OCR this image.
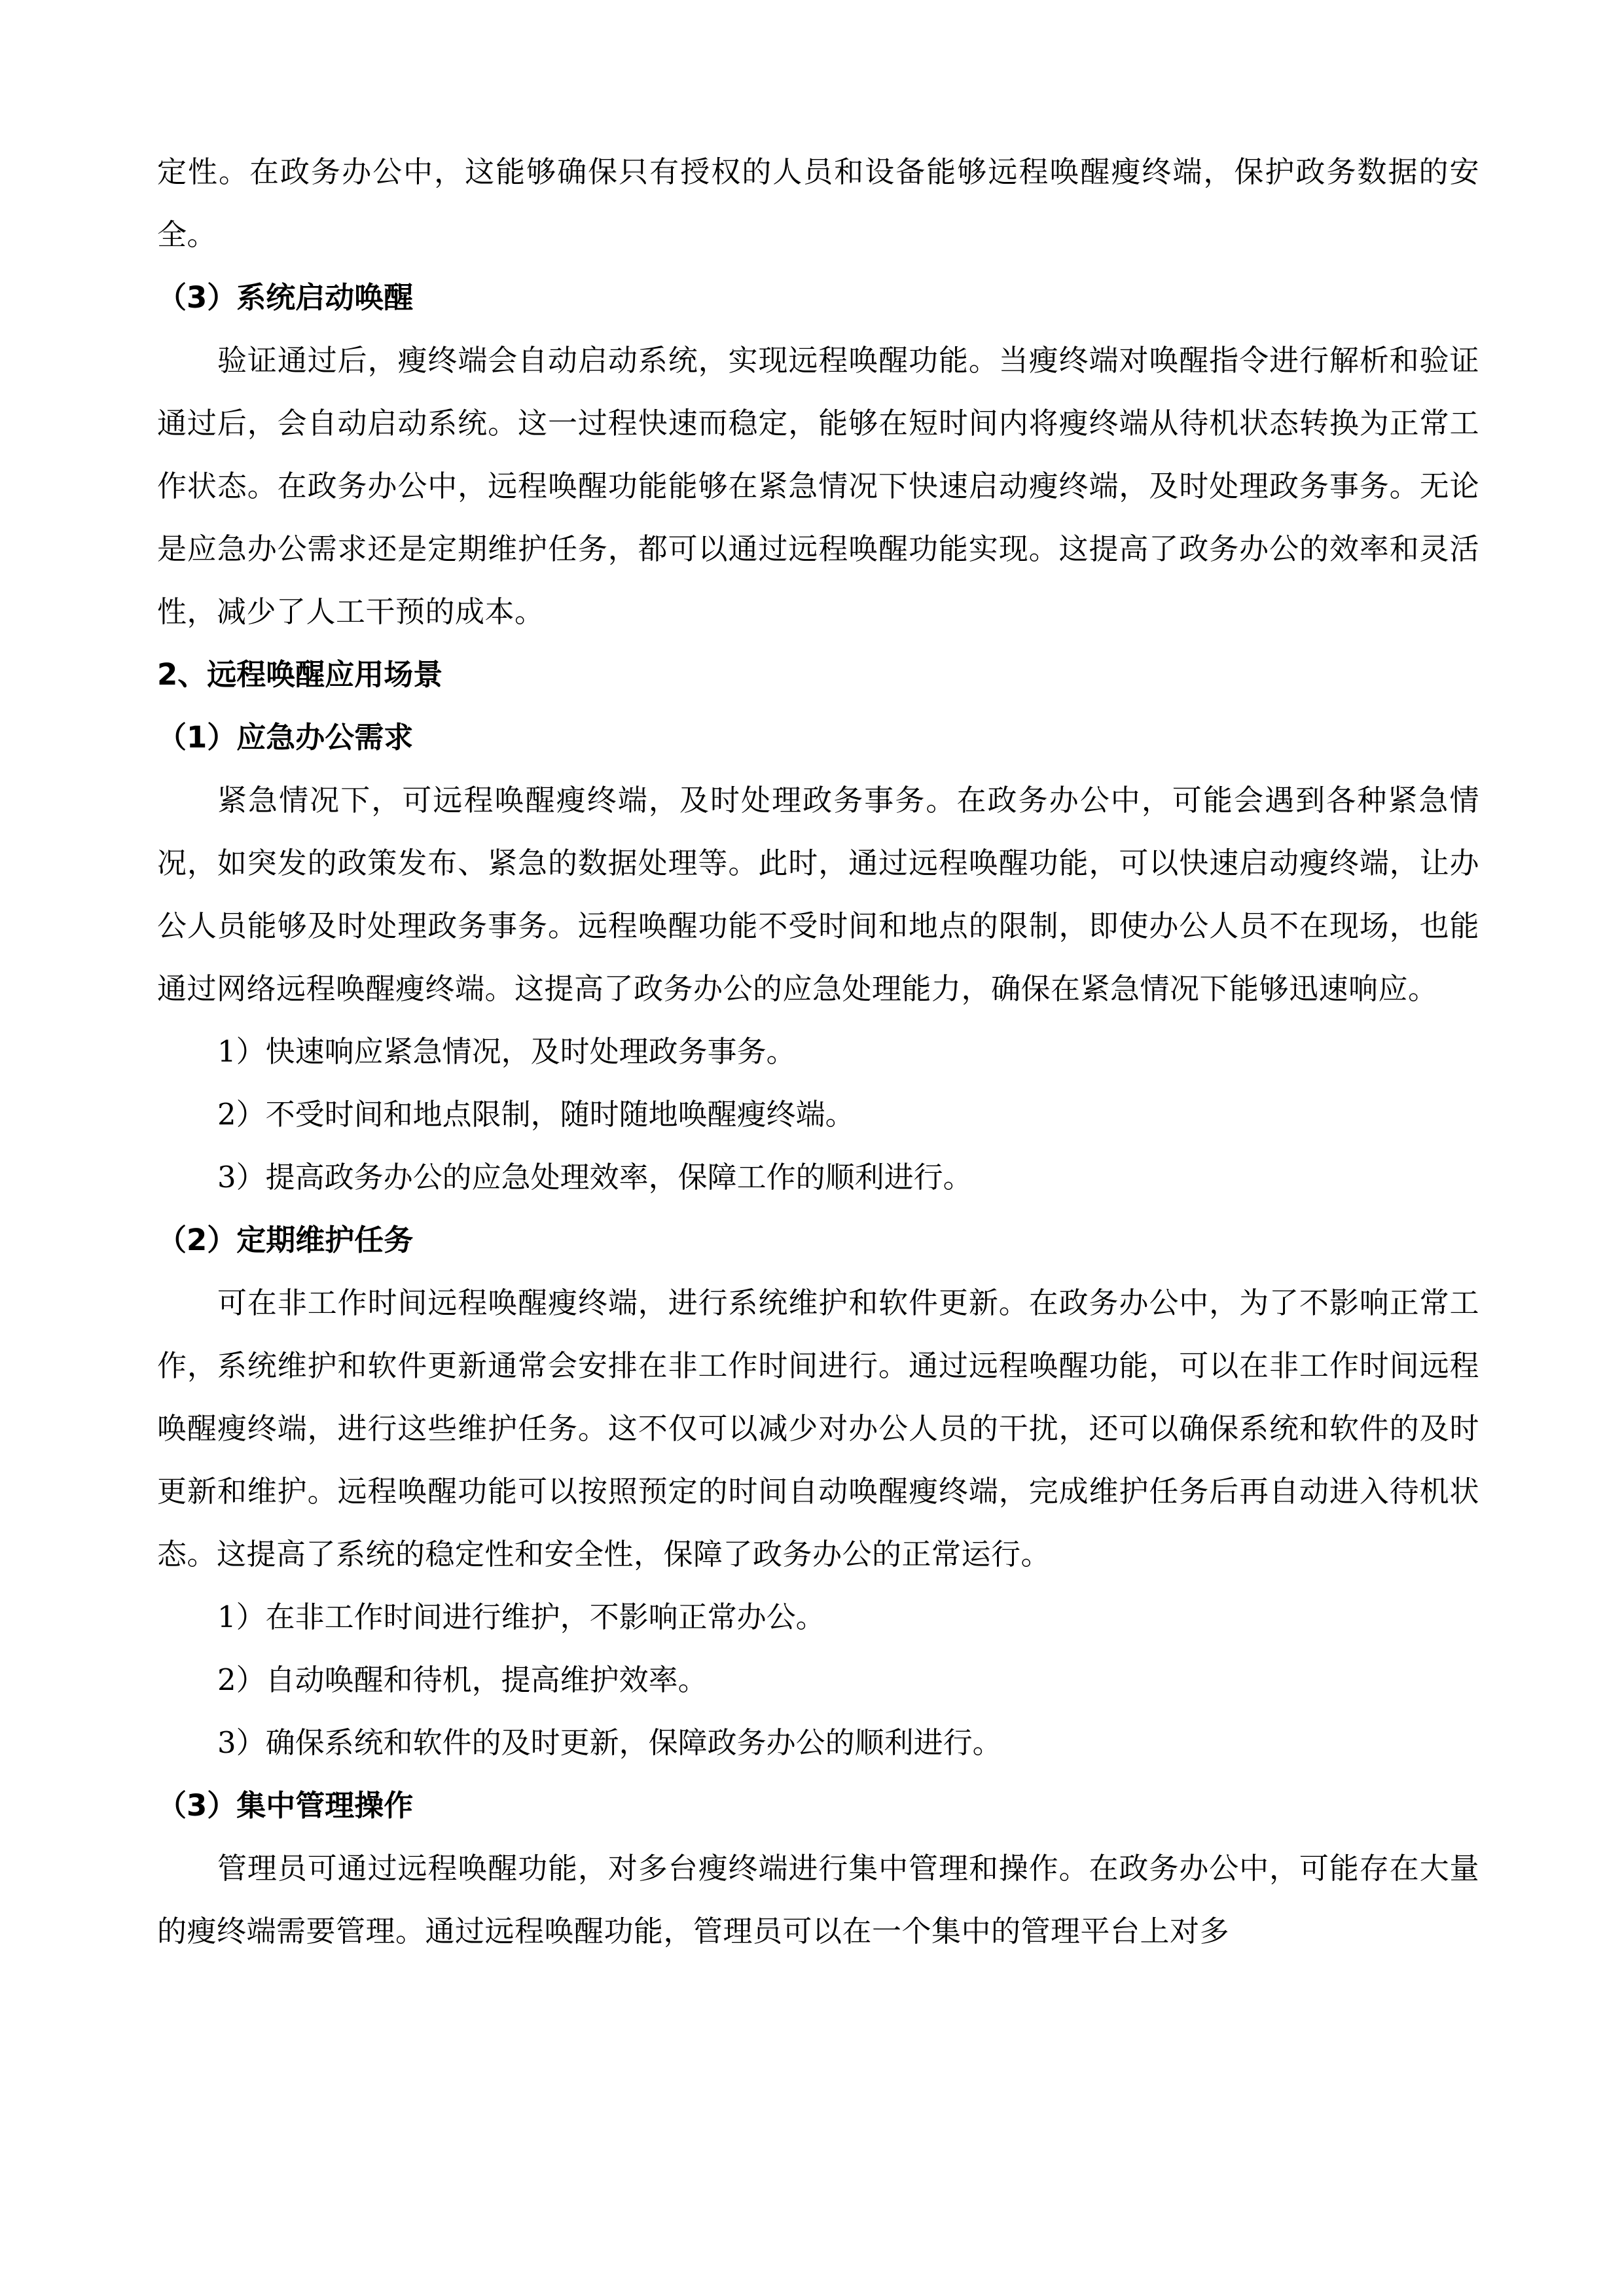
定性。在政务办公中，这能够确保只有授权的人员和设备能够远程唤醒瘦终端，保护政务数据的安全。

（3）系统启动唤醒

验证通过后，瘦终端会自动启动系统，实现远程唤醒功能。当瘦终端对唤醒指令进行解析和验证通过后，会自动启动系统。这一过程快速而稳定，能够在短时间内将瘦终端从待机状态转换为正常工作状态。在政务办公中，远程唤醒功能能够在紧急情况下快速启动瘦终端，及时处理政务事务。无论是应急办公需求还是定期维护任务，都可以通过远程唤醒功能实现。这提高了政务办公的效率和灵活性，减少了人工干预的成本。

2、远程唤醒应用场景

（1）应急办公需求

紧急情况下，可远程唤醒瘦终端，及时处理政务事务。在政务办公中，可能会遇到各种紧急情况，如突发的政策发布、紧急的数据处理等。此时，通过远程唤醒功能，可以快速启动瘦终端，让办公人员能够及时处理政务事务。远程唤醒功能不受时间和地点的限制，即使办公人员不在现场，也能通过网络远程唤醒瘦终端。这提高了政务办公的应急处理能力，确保在紧急情况下能够迅速响应。

1）快速响应紧急情况，及时处理政务事务。

2）不受时间和地点限制，随时随地唤醒瘦终端。

3）提高政务办公的应急处理效率，保障工作的顺利进行。

（2）定期维护任务

可在非工作时间远程唤醒瘦终端，进行系统维护和软件更新。在政务办公中，为了不影响正常工作，系统维护和软件更新通常会安排在非工作时间进行。通过远程唤醒功能，可以在非工作时间远程唤醒瘦终端，进行这些维护任务。这不仅可以减少对办公人员的干扰，还可以确保系统和软件的及时更新和维护。远程唤醒功能可以按照预定的时间自动唤醒瘦终端，完成维护任务后再自动进入待机状态。这提高了系统的稳定性和安全性，保障了政务办公的正常运行。

1）在非工作时间进行维护，不影响正常办公。

2）自动唤醒和待机，提高维护效率。

3）确保系统和软件的及时更新，保障政务办公的顺利进行。

（3）集中管理操作

管理员可通过远程唤醒功能，对多台瘦终端进行集中管理和操作。在政务办公中，可能存在大量的瘦终端需要管理。通过远程唤醒功能，管理员可以在一个集中的管理平台上对多
